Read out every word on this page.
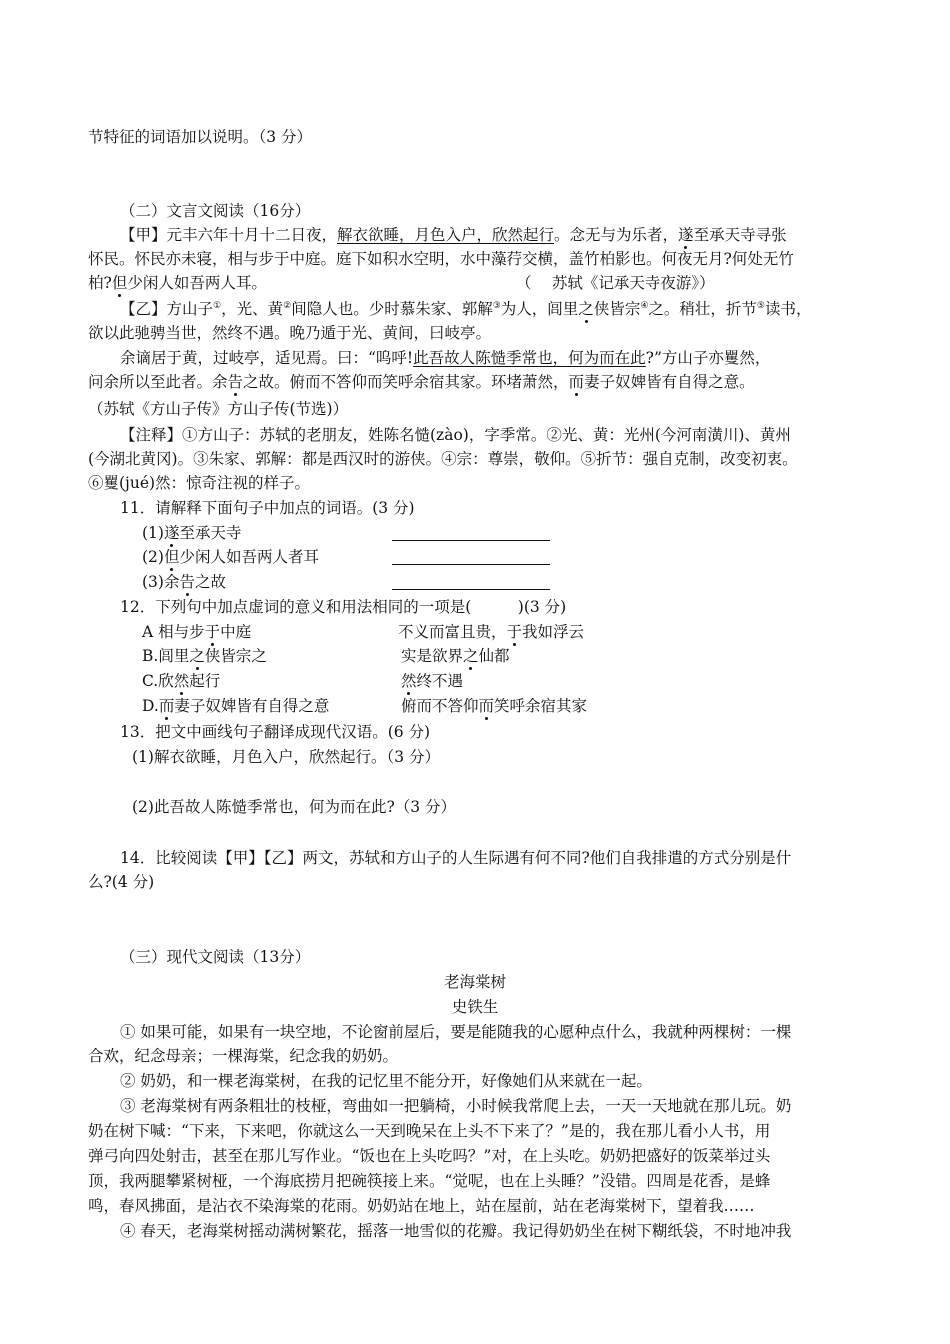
节特征的词语加以说明。（3 分）
（二）文言文阅读（16分）
【甲】元丰六年十月十二日夜，解衣欲睡，月色入户，欣然起行。念无与为乐者，遂至承天寺寻张
怀民。怀民亦未寝，相与步于中庭。庭下如积水空明，水中藻荇交横，盖竹柏影也。何夜无月?何处无竹
柏?但少闲人如吾两人耳。	（　 苏轼《记承天寺夜游》）
【乙】方山子①，光、黄②间隐人也。少时慕朱家、郭解③为人，闾里之侠皆宗④之。稍壮，折节⑤读书，
欲以此驰骋当世，然终不遇。晚乃遁于光、黄间，曰岐亭。
余谪居于黄，过岐亭，适见焉。曰：“呜呼!此吾故人陈慥季常也，何为而在此?”方山子亦矍然，
问余所以至此者。余告之故。俯而不答仰而笑呼余宿其家。环堵萧然，而妻子奴婢皆有自得之意。
（苏轼《方山子传》方山子传(节选)）
【注释】①方山子：苏轼的老朋友，姓陈名慥(zào)，字季常。②光、黄：光州(今河南潢川)、黄州
(今湖北黄冈)。③朱家、郭解：都是西汉时的游侠。④宗：尊崇，敬仰。⑤折节：强自克制，改变初衷。
⑥矍(jué)然：惊奇注视的样子。
11．请解释下面句子中加点的词语。(3 分)
(1)遂至承天寺
(2)但少闲人如吾两人者耳
(3)余告之故
12．下列句中加点虚词的意义和用法相同的一项是(　　　)(3 分)
A 相与步于中庭	不义而富且贵，于我如浮云
B.闾里之侠皆宗之	实是欲界之仙都
C.欣然起行	然终不遇
D.而妻子奴婢皆有自得之意	俯而不答仰而笑呼余宿其家
13．把文中画线句子翻译成现代汉语。(6 分)
(1)解衣欲睡，月色入户，欣然起行。（3 分）
(2)此吾故人陈慥季常也，何为而在此?（3 分）
14．比较阅读【甲】【乙】两文，苏轼和方山子的人生际遇有何不同?他们自我排遣的方式分别是什
么?(4 分)
（三）现代文阅读（13分）
老海棠树
史铁生
① 如果可能，如果有一块空地，不论窗前屋后，要是能随我的心愿种点什么，我就种两棵树：一棵
合欢，纪念母亲；一棵海棠，纪念我的奶奶。
② 奶奶，和一棵老海棠树，在我的记忆里不能分开，好像她们从来就在一起。
③ 老海棠树有两条粗壮的枝桠，弯曲如一把躺椅，小时候我常爬上去，一天一天地就在那儿玩。奶
奶在树下喊：“下来，下来吧，你就这么一天到晚呆在上头不下来了？”是的，我在那儿看小人书，用
弹弓向四处射击，甚至在那儿写作业。“饭也在上头吃吗？”对，在上头吃。奶奶把盛好的饭菜举过头
顶，我两腿攀紧树桠，一个海底捞月把碗筷接上来。“觉呢，也在上头睡？”没错。四周是花香，是蜂
鸣，春风拂面，是沾衣不染海棠的花雨。奶奶站在地上，站在屋前，站在老海棠树下，望着我……
④ 春天，老海棠树摇动满树繁花，摇落一地雪似的花瓣。我记得奶奶坐在树下糊纸袋，不时地冲我
